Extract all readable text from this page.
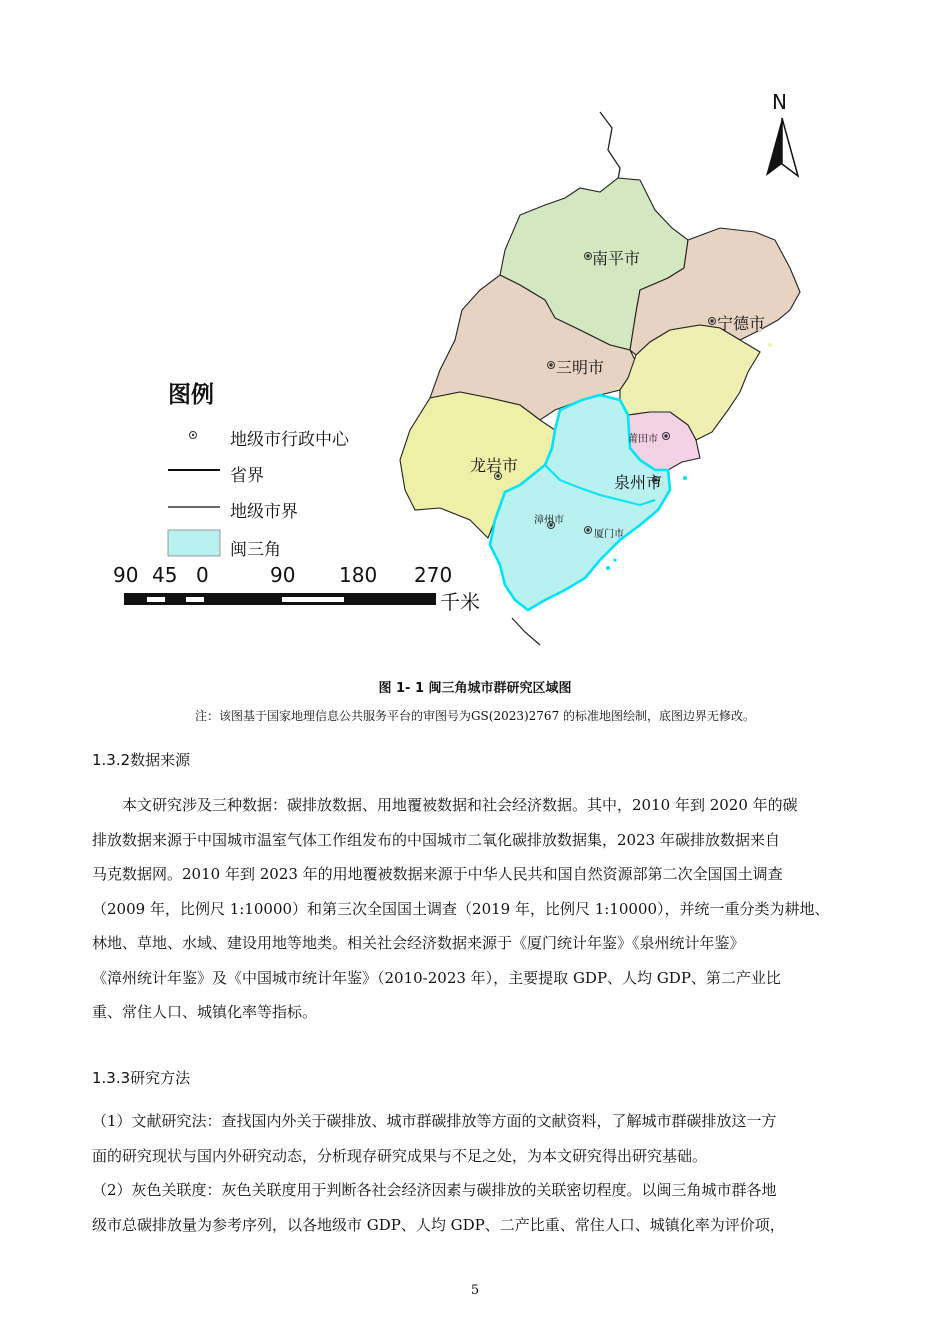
N
图例
地级市行政中心
省界
地级市界
闽三角
90 45 0	90 180 270
千米
南平市
宁德市
三明市
莆田市
龙岩市
泉州市
漳州市
厦门市
图 1- 1 闽三角城市群研究区域图
注：该图基于国家地理信息公共服务平台的审图号为GS(2023)2767 的标准地图绘制，底图边界无修改。
1.3.2数据来源
本文研究涉及三种数据：碳排放数据、用地覆被数据和社会经济数据。其中，2010 年到 2020 年的碳
排放数据来源于中国城市温室气体工作组发布的中国城市二氧化碳排放数据集，2023 年碳排放数据来自
马克数据网。2010 年到 2023 年的用地覆被数据来源于中华人民共和国自然资源部第二次全国国土调查
（2009 年，比例尺 1:10000）和第三次全国国土调查（2019 年，比例尺 1:10000），并统一重分类为耕地、
林地、草地、水域、建设用地等地类。相关社会经济数据来源于《厦门统计年鉴》《泉州统计年鉴》
《漳州统计年鉴》及《中国城市统计年鉴》（2010-2023 年），主要提取 GDP、人均 GDP、第二产业比
重、常住人口、城镇化率等指标。
1.3.3研究方法
（1）文献研究法：查找国内外关于碳排放、城市群碳排放等方面的文献资料，了解城市群碳排放这一方
面的研究现状与国内外研究动态，分析现存研究成果与不足之处，为本文研究得出研究基础。
（2）灰色关联度：灰色关联度用于判断各社会经济因素与碳排放的关联密切程度。以闽三角城市群各地
级市总碳排放量为参考序列，以各地级市 GDP、人均 GDP、二产比重、常住人口、城镇化率为评价项，
5
